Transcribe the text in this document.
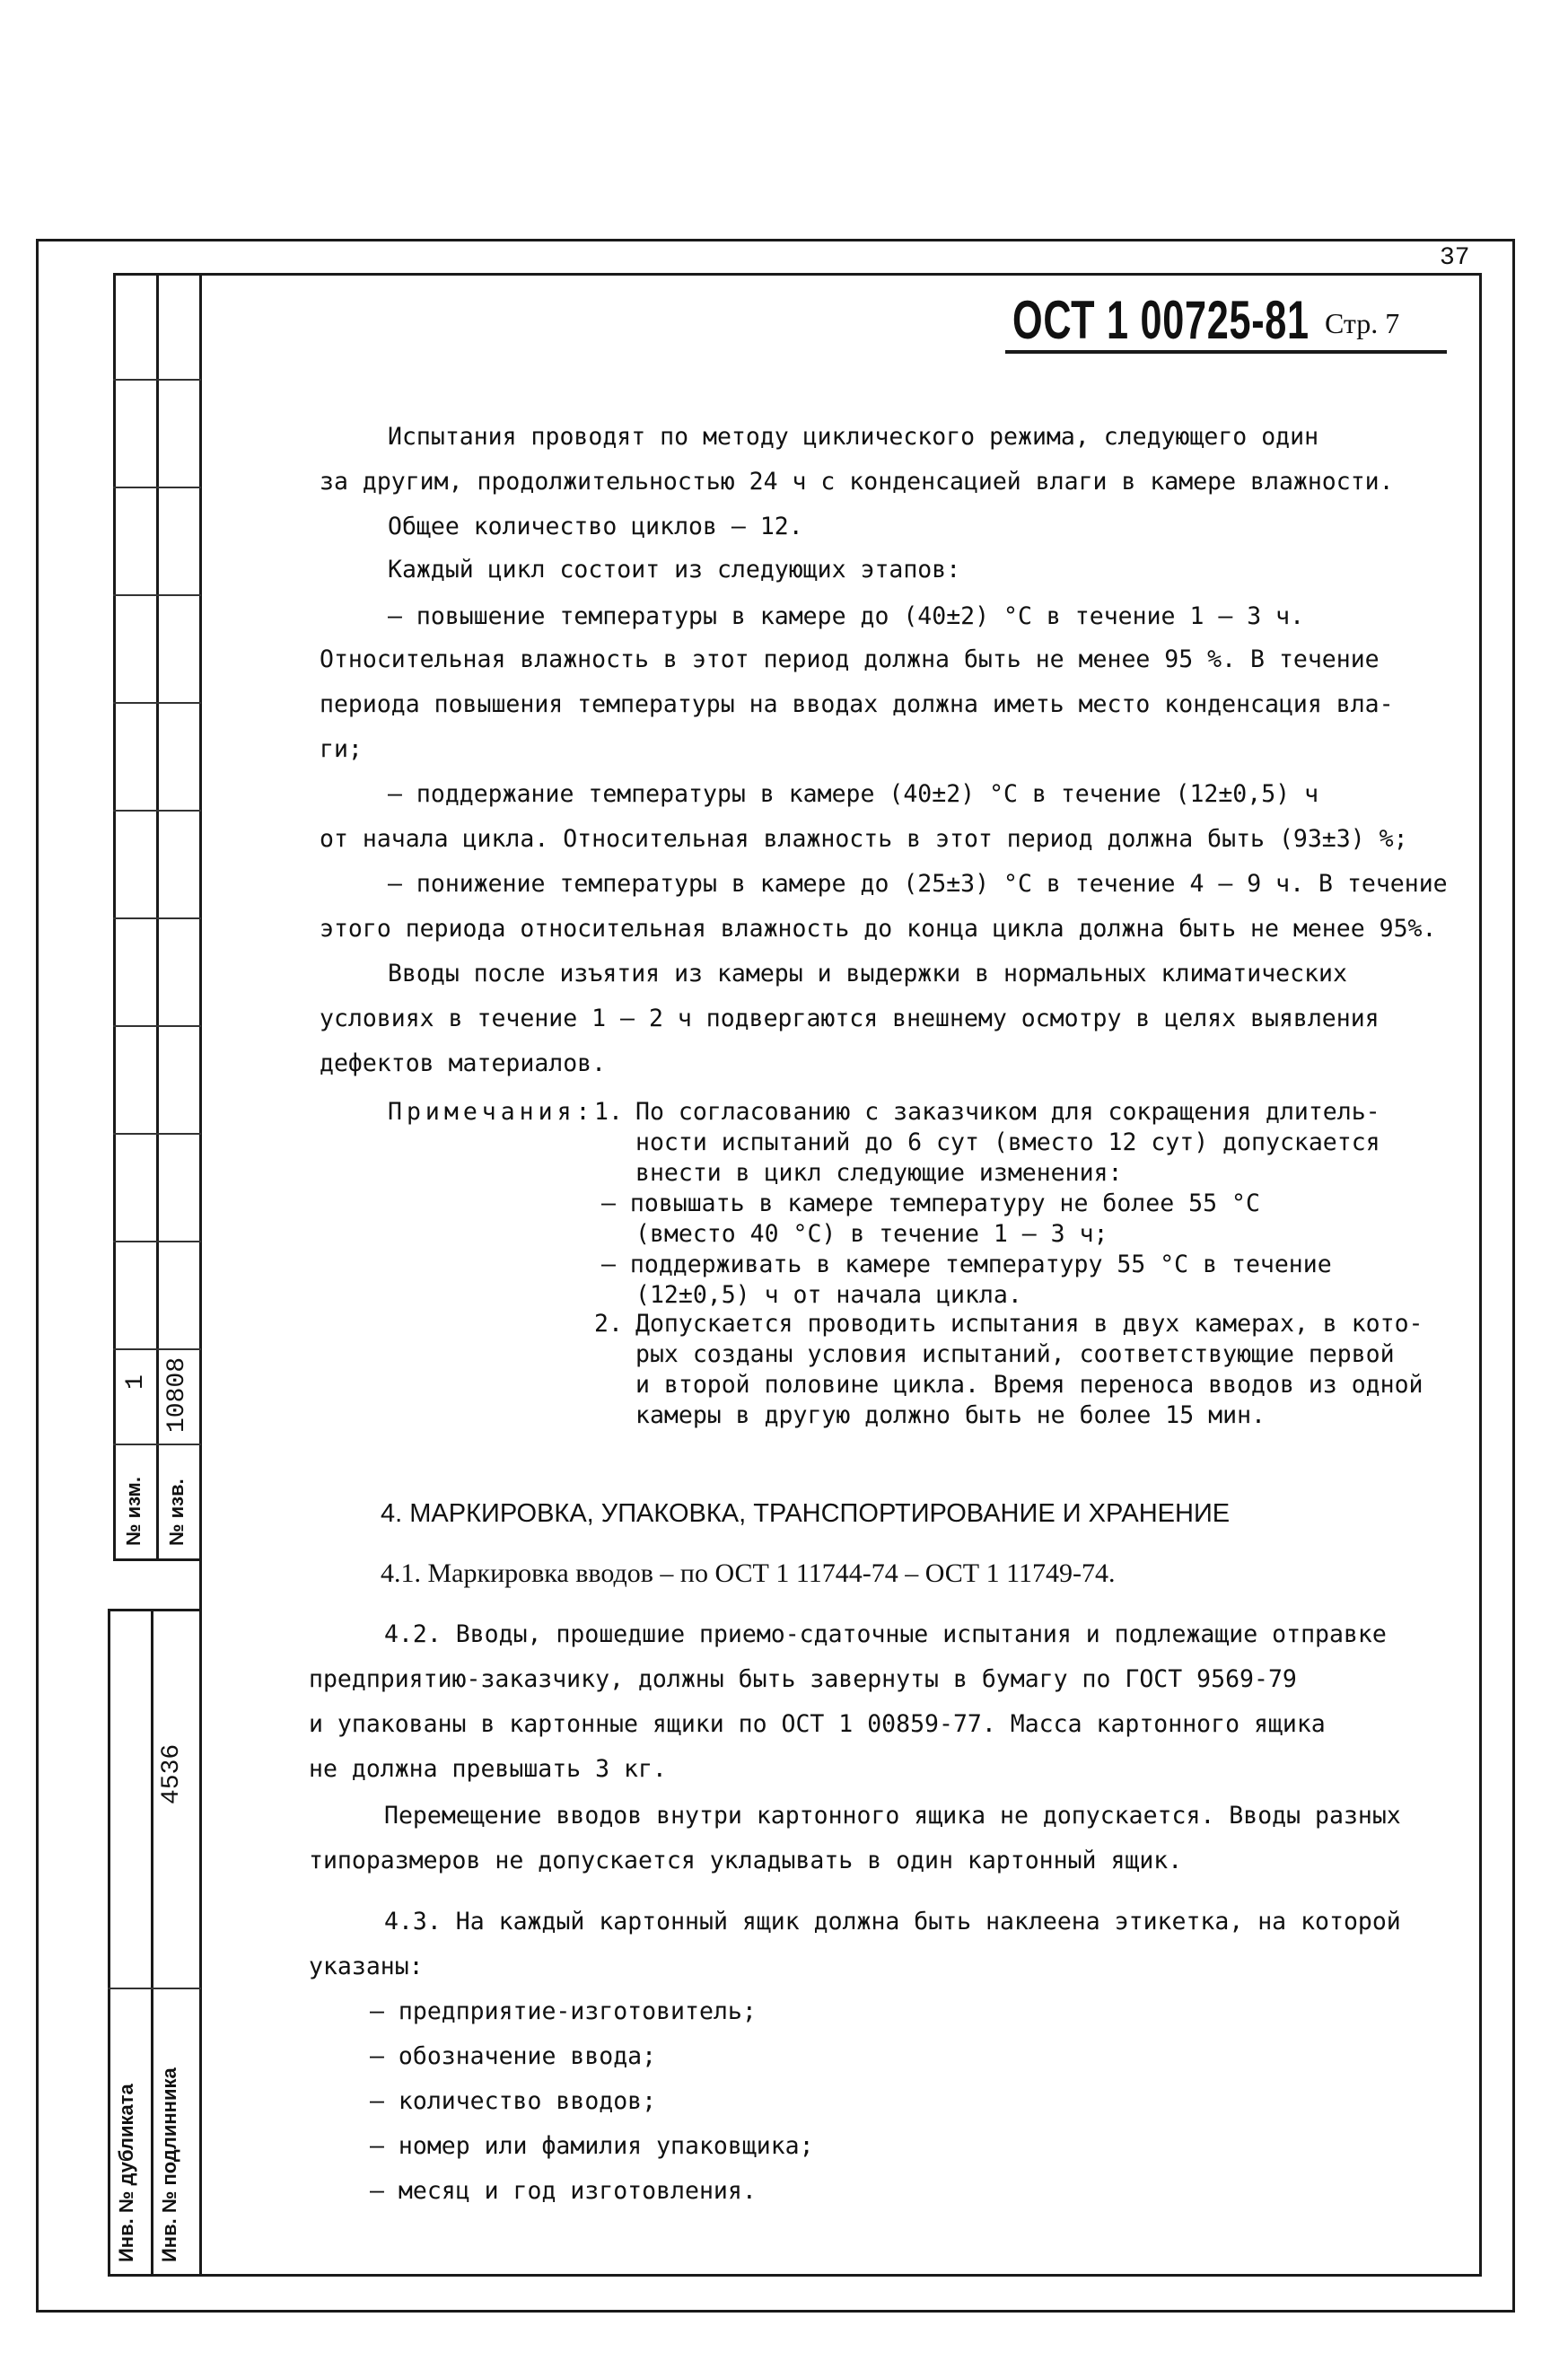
1 10808
№ изм. № изв.
4536
Инв. № дубликата Инв. № подлинника
37
ОСТ 1 00725-81 Стр. 7
Испытания проводят по методу циклического режима, следующего один
за другим, продолжительностью 24 ч с конденсацией влаги в камере влажности.
Общее количество циклов – 12.
Каждый цикл состоит из следующих этапов:
– повышение температуры в камере до (40±2) °С в течение 1 – 3 ч.
Относительная влажность в этот период должна быть не менее 95 %. В течение
периода повышения температуры на вводах должна иметь место конденсация вла-
ги;
– поддержание температуры в камере (40±2) °С в течение (12±0,5) ч
от начала цикла. Относительная влажность в этот период должна быть (93±3) %;
– понижение температуры в камере до (25±3) °С в течение 4 – 9 ч. В течение
этого периода относительная влажность до конца цикла должна быть не менее 95%.
Вводы после изъятия из камеры и выдержки в нормальных климатических
условиях в течение 1 – 2 ч подвергаются внешнему осмотру в целях выявления
дефектов материалов.
Примечания: 1. По согласованию с заказчиком для сокращения длитель-
ности испытаний до 6 сут (вместо 12 сут) допускается
внести в цикл следующие изменения:
– повышать в камере температуру не более 55 °С
(вместо 40 °С) в течение 1 – 3 ч;
– поддерживать в камере температуру 55 °С в течение
(12±0,5) ч от начала цикла.
2. Допускается проводить испытания в двух камерах, в кото-
рых созданы условия испытаний, соответствующие первой
и второй половине цикла. Время переноса вводов из одной
камеры в другую должно быть не более 15 мин.
4. МАРКИРОВКА, УПАКОВКА, ТРАНСПОРТИРОВАНИЕ И ХРАНЕНИЕ
4.1. Маркировка вводов – по ОСТ 1 11744-74 – ОСТ 1 11749-74.
4.2. Вводы, прошедшие приемо-сдаточные испытания и подлежащие отправке
предприятию-заказчику, должны быть завернуты в бумагу по ГОСТ 9569-79
и упакованы в картонные ящики по ОСТ 1 00859-77. Масса картонного ящика
не должна превышать 3 кг.
Перемещение вводов внутри картонного ящика не допускается. Вводы разных
типоразмеров не допускается укладывать в один картонный ящик.
4.3. На каждый картонный ящик должна быть наклеена этикетка, на которой
указаны:
– предприятие-изготовитель;
– обозначение ввода;
– количество вводов;
– номер или фамилия упаковщика;
– месяц и год изготовления.
